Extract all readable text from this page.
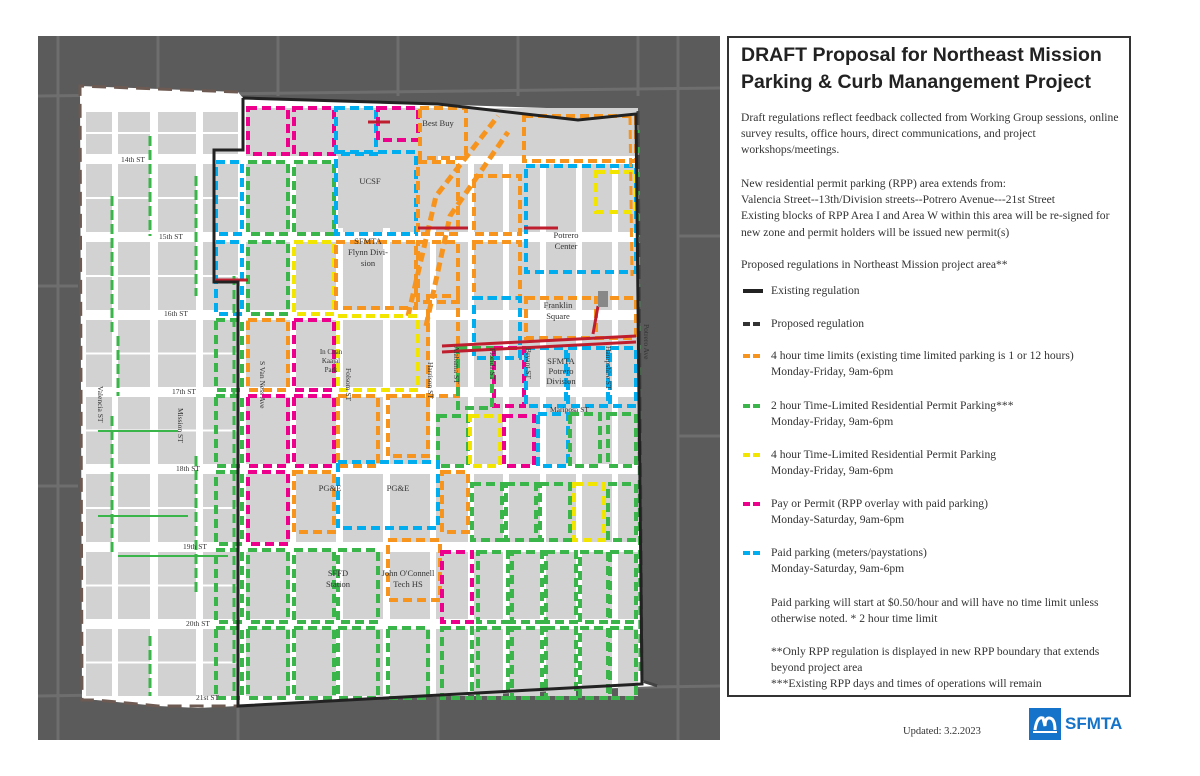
14th ST
15th ST
16th ST
17th ST
18th ST
19th ST
20th ST
21st ST
Mariposa ST
Valencia ST
Mission ST
S Van Ness Ave	Folsom ST	Harrison ST Alabama ST	Florida ST	Bryant ST	Hampshire ST
Potrero Ave
Best Buy
UCSF
SFMTA Flynn Divi-sion
Potrero Center
Franklin Square
In Chan Kaajal Park
SFMTA Potrero Division
PG&E	PG&E
SFFD Station
John O'Connell Tech HS
DRAFT Proposal for Northeast Mission
Parking & Curb Manangement Project
Draft regulations reflect feedback collected from Working Group sessions, online survey results, office hours, direct communications, and project workshops/meetings.
New residential permit parking (RPP) area extends from:
Valencia Street--13th/Division streets--Potrero Avenue---21st Street
Existing blocks of RPP Area I and Area W within this area will be re-signed for new zone and permit holders will be issued new permit(s)
Proposed regulations in Northeast Mission project area**
Existing regulation
Proposed regulation
4 hour time limits (existing time limited parking is 1 or 12 hours)
Monday-Friday, 9am-6pm
2 hour Time-Limited Residential Permit Parking***
Monday-Friday, 9am-6pm
4 hour Time-Limited Residential Permit Parking
Monday-Friday, 9am-6pm
Pay or Permit (RPP overlay with paid parking)
Monday-Saturday, 9am-6pm
Paid parking (meters/paystations)
Monday-Saturday, 9am-6pm
Paid parking will start at $0.50/hour and will have no time limit unless otherwise noted. * 2 hour time limit
**Only RPP regulation is displayed in new RPP boundary that extends beyond project area
***Existing RPP days and times of operations will remain
Updated: 3.2.2023	SFMTA
